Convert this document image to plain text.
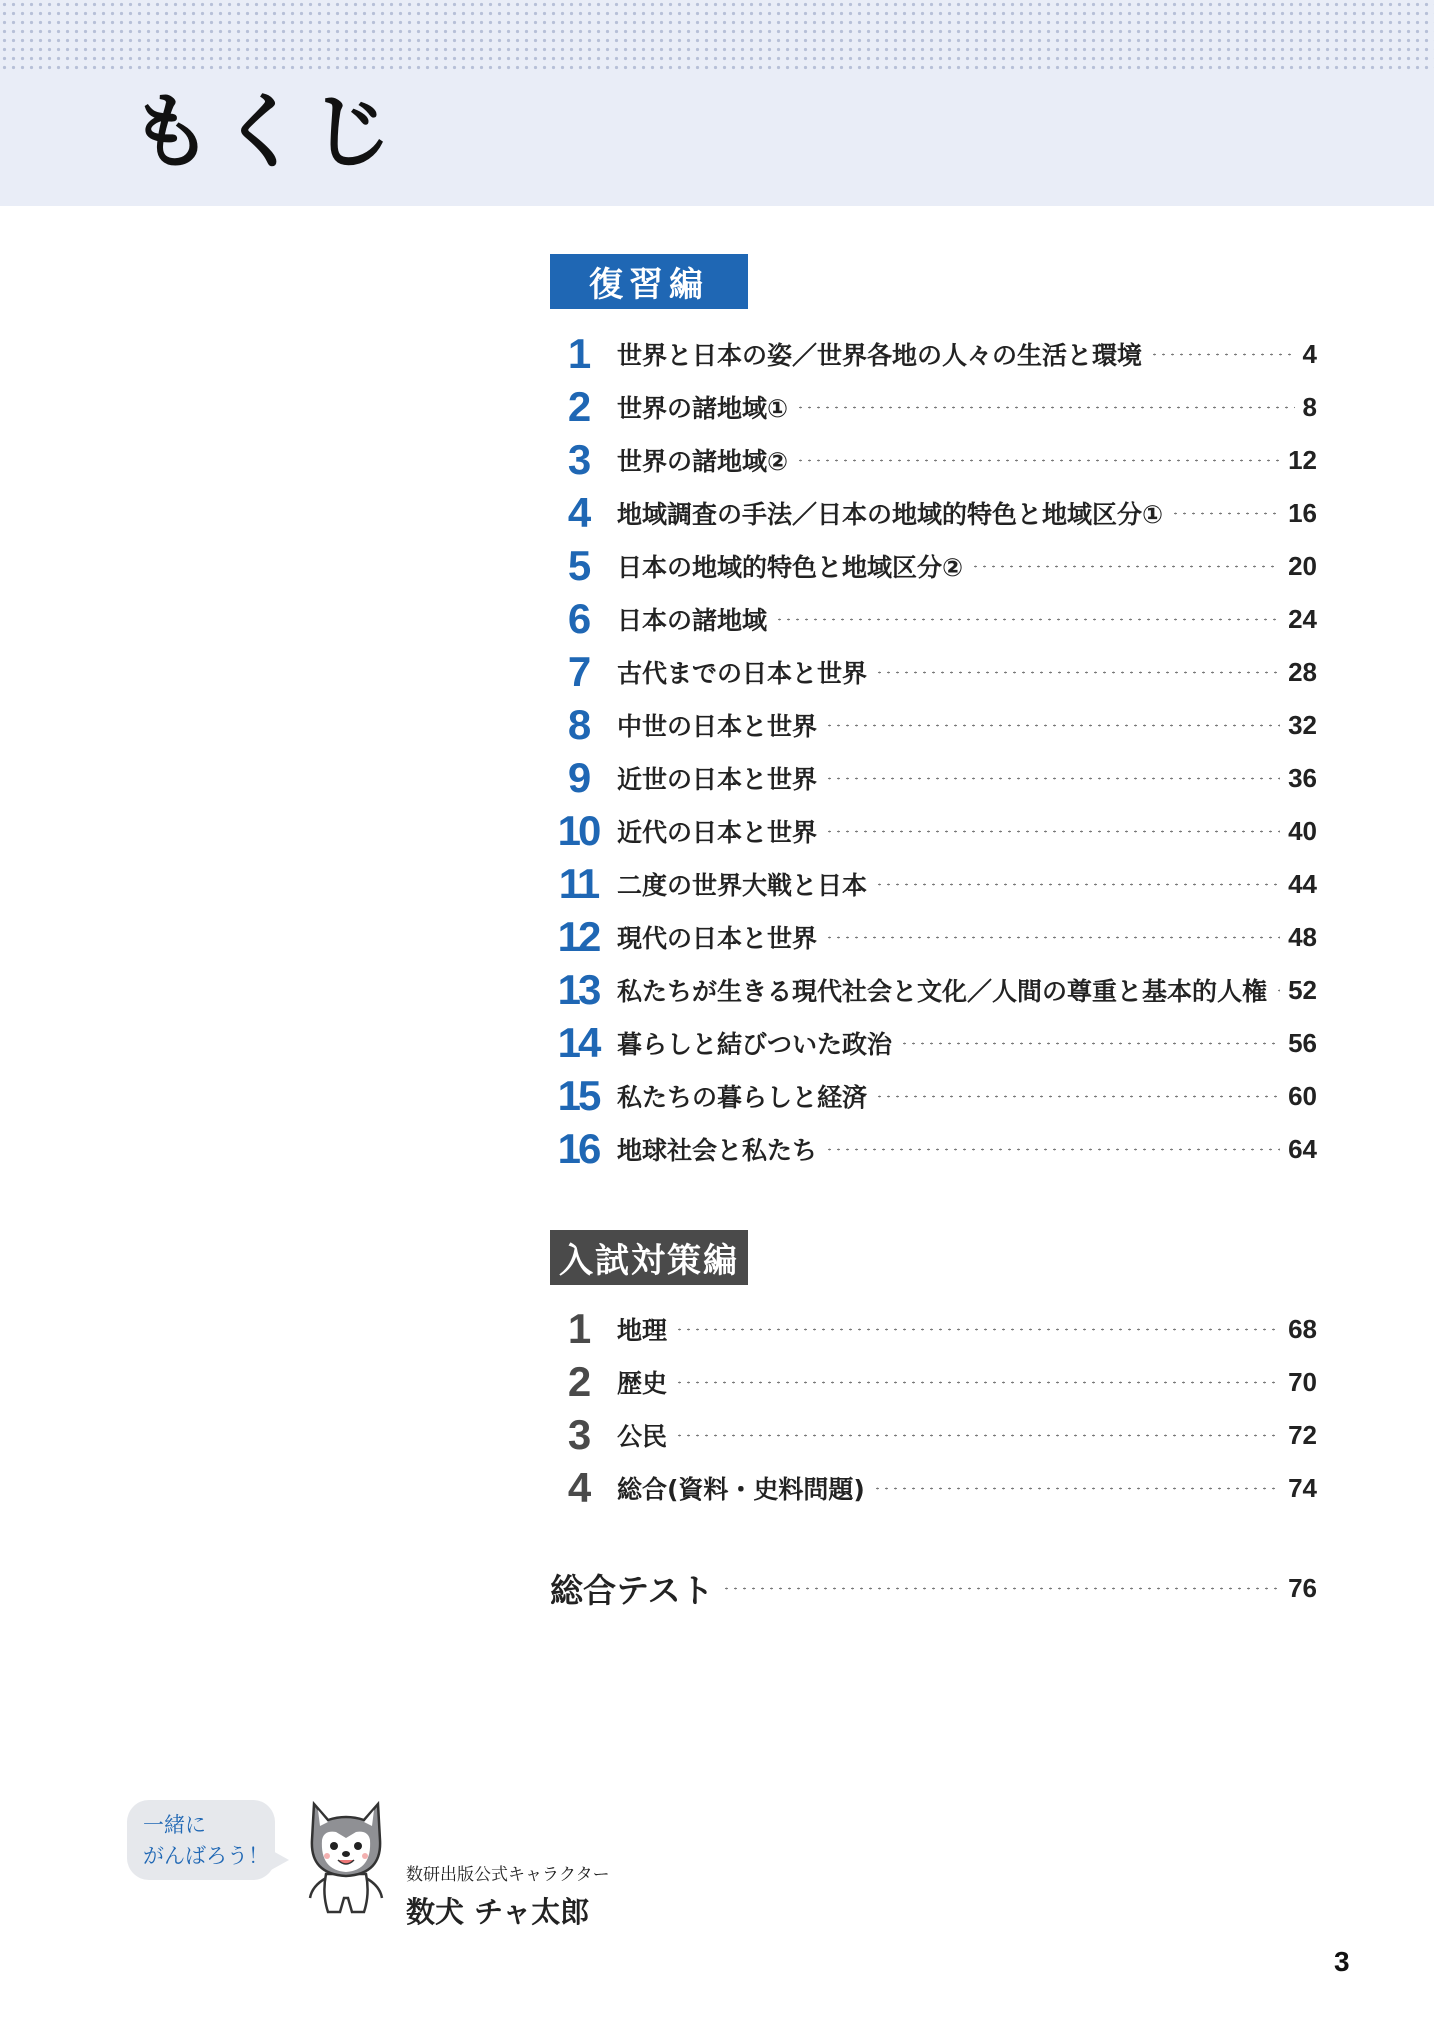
もくじ
復習編
1	世界と日本の姿／世界各地の人々の生活と環境	4
2	世界の諸地域①	8
3	世界の諸地域②	12
4	地域調査の手法／日本の地域的特色と地域区分①	16
5	日本の地域的特色と地域区分②	20
6	日本の諸地域	24
7	古代までの日本と世界	28
8	中世の日本と世界	32
9	近世の日本と世界	36
10 近代の日本と世界	40
11 二度の世界大戦と日本	44
12 現代の日本と世界	48
13 私たちが生きる現代社会と文化／人間の尊重と基本的人権 52
14 暮らしと結びついた政治	56
15 私たちの暮らしと経済	60
16 地球社会と私たち	64
入試対策編
1	地理	68
2	歴史	70
3	公民	72
4	総合(資料・史料問題)	74
総合テスト	76
一緒に
がんばろう！
数研出版公式キャラクター
数犬 チャ太郎
3
